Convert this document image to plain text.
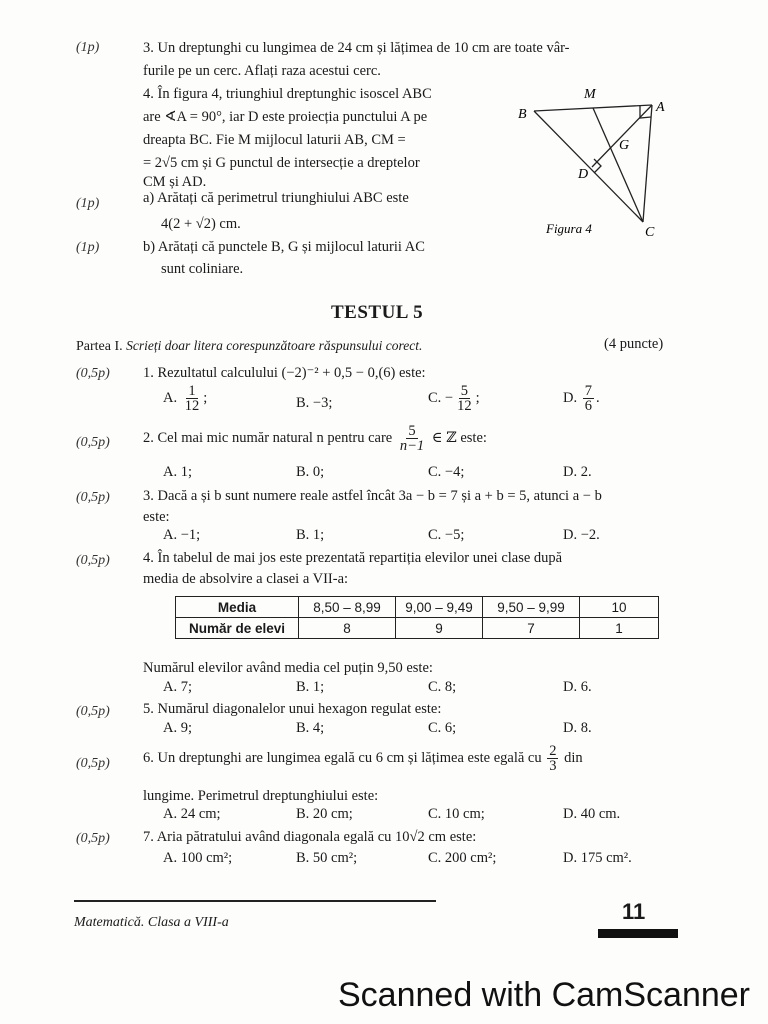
(1p)	3. Un dreptunghi cu lungimea de 24 cm și lățimea de 10 cm are toate vâr-
furile pe un cerc. Aflați raza acestui cerc.
4. În figura 4, triunghiul dreptunghic isoscel ABC
are ∢A = 90°, iar D este proiecția punctului A pe
dreapta BC. Fie M mijlocul laturii AB, CM =
= 2√5 cm și G punctul de intersecție a dreptelor
CM și AD.
(1p)	a) Arătați că perimetrul triunghiului ABC este
4(2 + √2) cm.
(1p)	b) Arătați că punctele B, G și mijlocul laturii AC
sunt coliniare.
B
M
A
G
D
Figura 4	C
TESTUL 5
Partea I. Scrieți doar litera corespunzătoare răspunsului corect.	(4 puncte)
(0,5p) 1. Rezultatul calculului (−2)⁻² + 0,5 − 0,(6) este:
A. $\frac{1}{12}$ ;	B. −3;	C. − $\frac{5}{12}$ ;	D. $\frac{7}{6}$ .
(0,5p) 2. Cel mai mic număr natural n pentru care $\frac{5}{n-1}$ ∈ ℤ este:
A. 1;	B. 0;	C. −4;	D. 2.
(0,5p) 3. Dacă a și b sunt numere reale astfel încât 3a − b = 7 și a + b = 5, atunci a − b
este:
A. −1;	B. 1;	C. −5;	D. −2.
(0,5p) 4. În tabelul de mai jos este prezentată repartiția elevilor unei clase după
media de absolvire a clasei a VII-a:
Media	8,50 – 8,99	9,00 – 9,49	9,50 – 9,99	10
Număr de elevi	8	9	7	1
Numărul elevilor având media cel puțin 9,50 este:
A. 7;	B. 1;	C. 8;	D. 6.
(0,5p) 5. Numărul diagonalelor unui hexagon regulat este:
A. 9;	B. 4;	C. 6;	D. 8.
(0,5p) 6. Un dreptunghi are lungimea egală cu 6 cm și lățimea este egală cu $\frac{2}{3}$ din
lungime. Perimetrul dreptunghiului este:
A. 24 cm;	B. 20 cm;	C. 10 cm;	D. 40 cm.
(0,5p) 7. Aria pătratului având diagonala egală cu 10√2 cm este:
A. 100 cm²;	B. 50 cm²;	C. 200 cm²;	D. 175 cm².
Matematică. Clasa a VIII-a	11
Scanned with CamScanner
